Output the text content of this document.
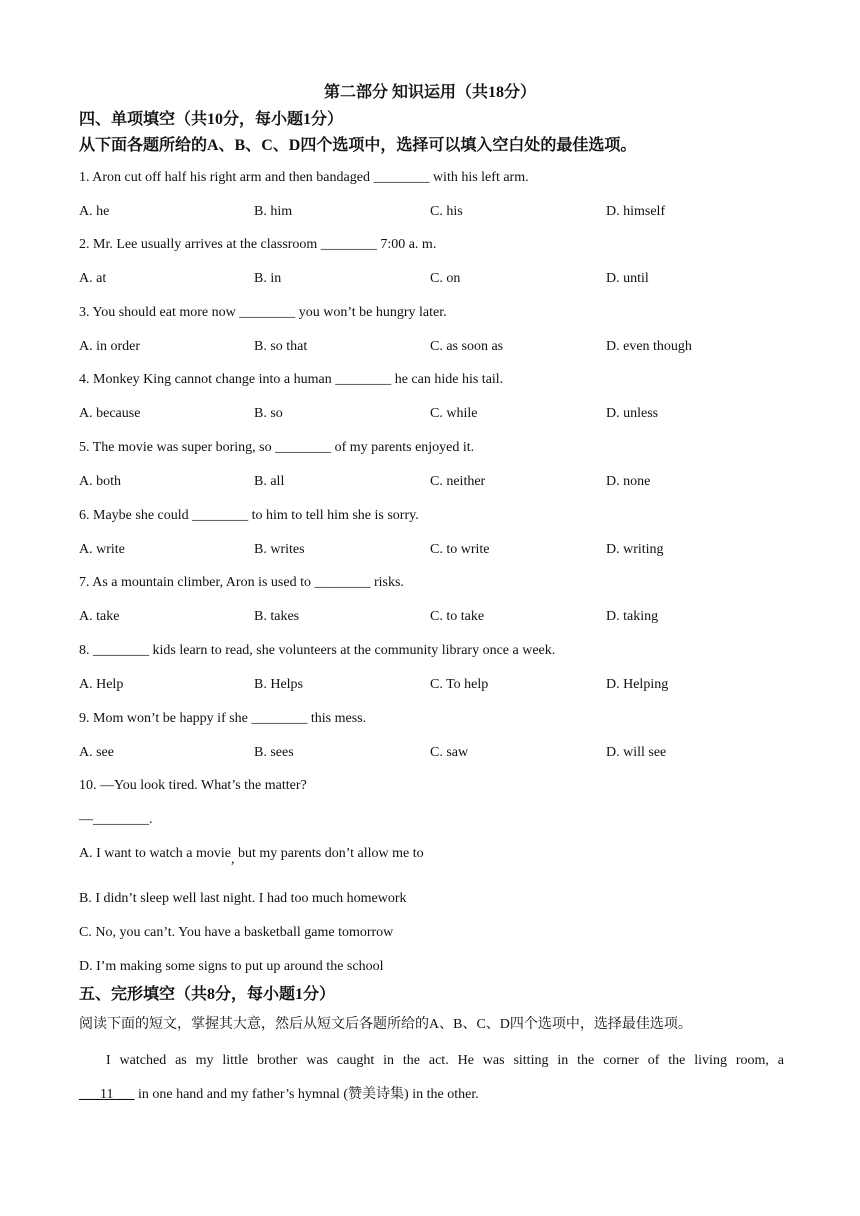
第二部分 知识运用（共18分）
四、单项填空（共10分，每小题1分）
从下面各题所给的A、B、C、D四个选项中，选择可以填入空白处的最佳选项。
1. Aron cut off half his right arm and then bandaged ________ with his left arm.
A. he	B. him	C. his	D. himself
2. Mr. Lee usually arrives at the classroom ________ 7:00 a. m.
A. at	B. in	C. on	D. until
3. You should eat more now ________ you won’t be hungry later.
A. in order	B. so that	C. as soon as	D. even though
4. Monkey King cannot change into a human ________ he can hide his tail.
A. because	B. so	C. while	D. unless
5. The movie was super boring, so ________ of my parents enjoyed it.
A. both	B. all	C. neither	D. none
6. Maybe she could ________ to him to tell him she is sorry.
A. write	B. writes	C. to write	D. writing
7. As a mountain climber, Aron is used to ________ risks.
A. take	B. takes	C. to take	D. taking
8. ________ kids learn to read, she volunteers at the community library once a week.
A. Help	B. Helps	C. To help	D. Helping
9. Mom won’t be happy if she ________ this mess.
A. see	B. sees	C. saw	D. will see
10. —You look tired. What’s the matter?
—________.
A. I want to watch a movie, but my parents don’t allow me to
B. I didn’t sleep well last night. I had too much homework
C. No, you can’t. You have a basketball game tomorrow
D. I’m making some signs to put up around the school
五、完形填空（共8分，每小题1分）
阅读下面的短文，掌握其大意，然后从短文后各题所给的A、B、C、D四个选项中，选择最佳选项。
I watched as my little brother was caught in the act. He was sitting in the corner of the living room, a
___11___ in one hand and my father’s hymnal (赞美诗集) in the other.
